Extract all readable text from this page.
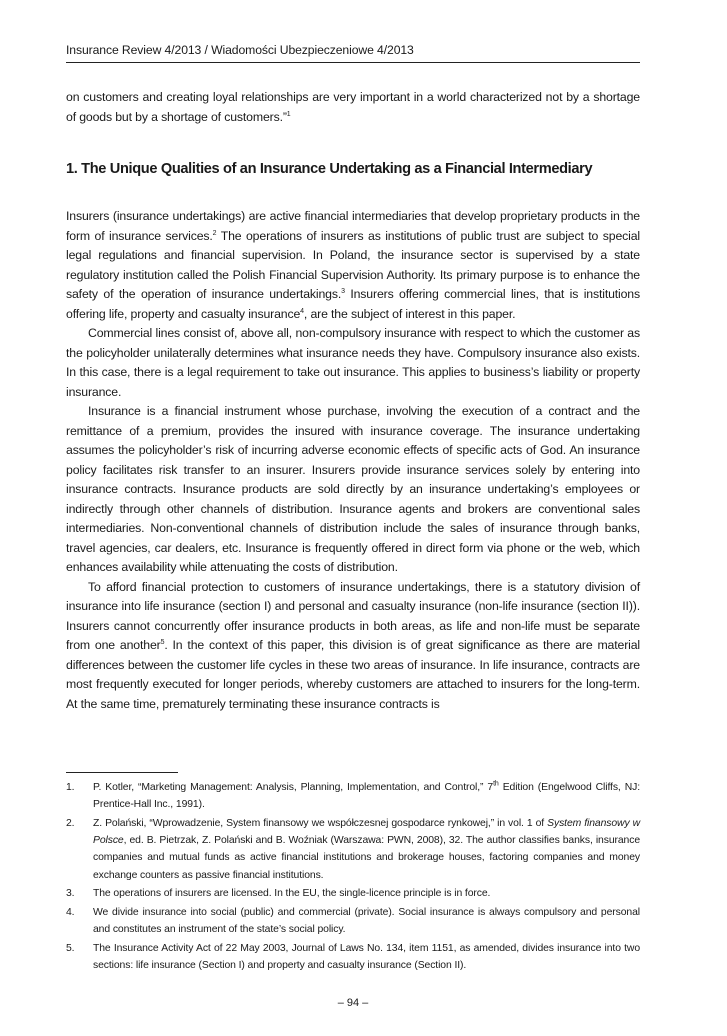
Insurance Review 4/2013 / Wiadomości Ubezpieczeniowe 4/2013

on customers and creating loyal relationships are very important in a world characterized not by a shortage of goods but by a shortage of customers.”$^1$

1. The Unique Qualities of an Insurance Undertaking as a Financial Intermediary

Insurers (insurance undertakings) are active financial intermediaries that develop proprietary products in the form of insurance services.$^2$ The operations of insurers as institutions of public trust are subject to special legal regulations and financial supervision. In Poland, the insurance sector is supervised by a state regulatory institution called the Polish Financial Supervision Authority. Its primary purpose is to enhance the safety of the operation of insurance undertakings.$^3$ Insurers offering commercial lines, that is institutions offering life, property and casualty insurance$^4$, are the subject of interest in this paper.

Commercial lines consist of, above all, non-compulsory insurance with respect to which the customer as the policyholder unilaterally determines what insurance needs they have. Compulsory insurance also exists. In this case, there is a legal requirement to take out insurance. This applies to business’s liability or property insurance.

Insurance is a financial instrument whose purchase, involving the execution of a contract and the remittance of a premium, provides the insured with insurance coverage. The insurance undertaking assumes the policyholder’s risk of incurring adverse economic effects of specific acts of God. An insurance policy facilitates risk transfer to an insurer. Insurers provide insurance services solely by entering into insurance contracts. Insurance products are sold directly by an insurance undertaking’s employees or indirectly through other channels of distribution. Insurance agents and brokers are conventional sales intermediaries. Non-conventional channels of distribution include the sales of insurance through banks, travel agencies, car dealers, etc. Insurance is frequently offered in direct form via phone or the web, which enhances availability while attenuating the costs of distribution.

To afford financial protection to customers of insurance undertakings, there is a statutory division of insurance into life insurance (section I) and personal and casualty insurance (non-life insurance (section II)). Insurers cannot concurrently offer insurance products in both areas, as life and non-life must be separate from one another$^5$. In the context of this paper, this division is of great significance as there are material differences between the customer life cycles in these two areas of insurance. In life insurance, contracts are most frequently executed for longer periods, whereby customers are attached to insurers for the long-term. At the same time, prematurely terminating these insurance contracts is

1.	P. Kotler, “Marketing Management: Analysis, Planning, Implementation, and Control,” 7th Edition (Engelwood Cliffs, NJ: Prentice-Hall Inc., 1991).
2.	Z. Polański, “Wprowadzenie, System finansowy we współczesnej gospodarce rynkowej,” in vol. 1 of System finansowy w Polsce, ed. B. Pietrzak, Z. Polański and B. Woźniak (Warszawa: PWN, 2008), 32. The author classifies banks, insurance companies and mutual funds as active financial institutions and brokerage houses, factoring companies and money exchange counters as passive financial institutions.
3.	The operations of insurers are licensed. In the EU, the single-licence principle is in force.
4.	We divide insurance into social (public) and commercial (private). Social insurance is always compulsory and personal and constitutes an instrument of the state’s social policy.
5.	The Insurance Activity Act of 22 May 2003, Journal of Laws No. 134, item 1151, as amended, divides insurance into two sections: life insurance (Section I) and property and casualty insurance (Section II).
– 94 –
